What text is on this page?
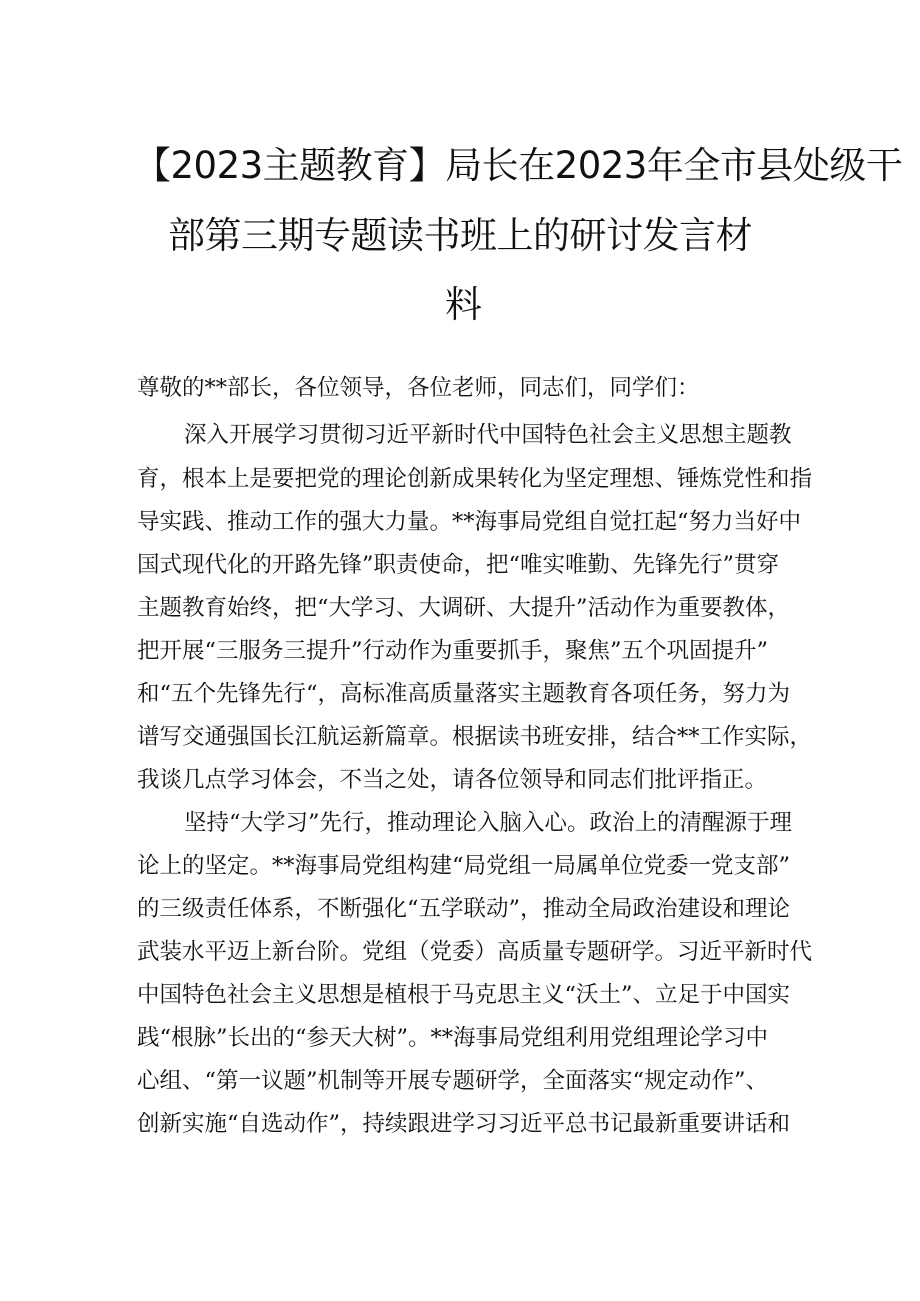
【2023主题教育】局长在2023年全市县处级干
部第三期专题读书班上的研讨发言材
料
尊敬的**部长，各位领导，各位老师，同志们，同学们：
深入开展学习贯彻习近平新时代中国特色社会主义思想主题教
育，根本上是要把党的理论创新成果转化为坚定理想、锤炼党性和指
导实践、推动工作的强大力量。**海事局党组自觉扛起“努力当好中
国式现代化的开路先锋”职责使命，把“唯实唯勤、先锋先行”贯穿
主题教育始终，把“大学习、大调研、大提升”活动作为重要教体，
把开展“三服务三提升”行动作为重要抓手，聚焦”五个巩固提升”
和“五个先锋先行“，高标准高质量落实主题教育各项任务，努力为
谱写交通强国长江航运新篇章。根据读书班安排，结合**工作实际，
我谈几点学习体会，不当之处，请各位领导和同志们批评指正。
坚持“大学习”先行，推动理论入脑入心。政治上的清醒源于理
论上的坚定。**海事局党组构建“局党组一局属单位党委一党支部”
的三级责任体系，不断强化“五学联动”，推动全局政治建设和理论
武装水平迈上新台阶。党组（党委）高质量专题研学。习近平新时代
中国特色社会主义思想是植根于马克思主义“沃土”、立足于中国实
践“根脉”长出的“参天大树”。**海事局党组利用党组理论学习中
心组、“第一议题”机制等开展专题研学，全面落实“规定动作”、
创新实施“自选动作”，持续跟进学习习近平总书记最新重要讲话和
